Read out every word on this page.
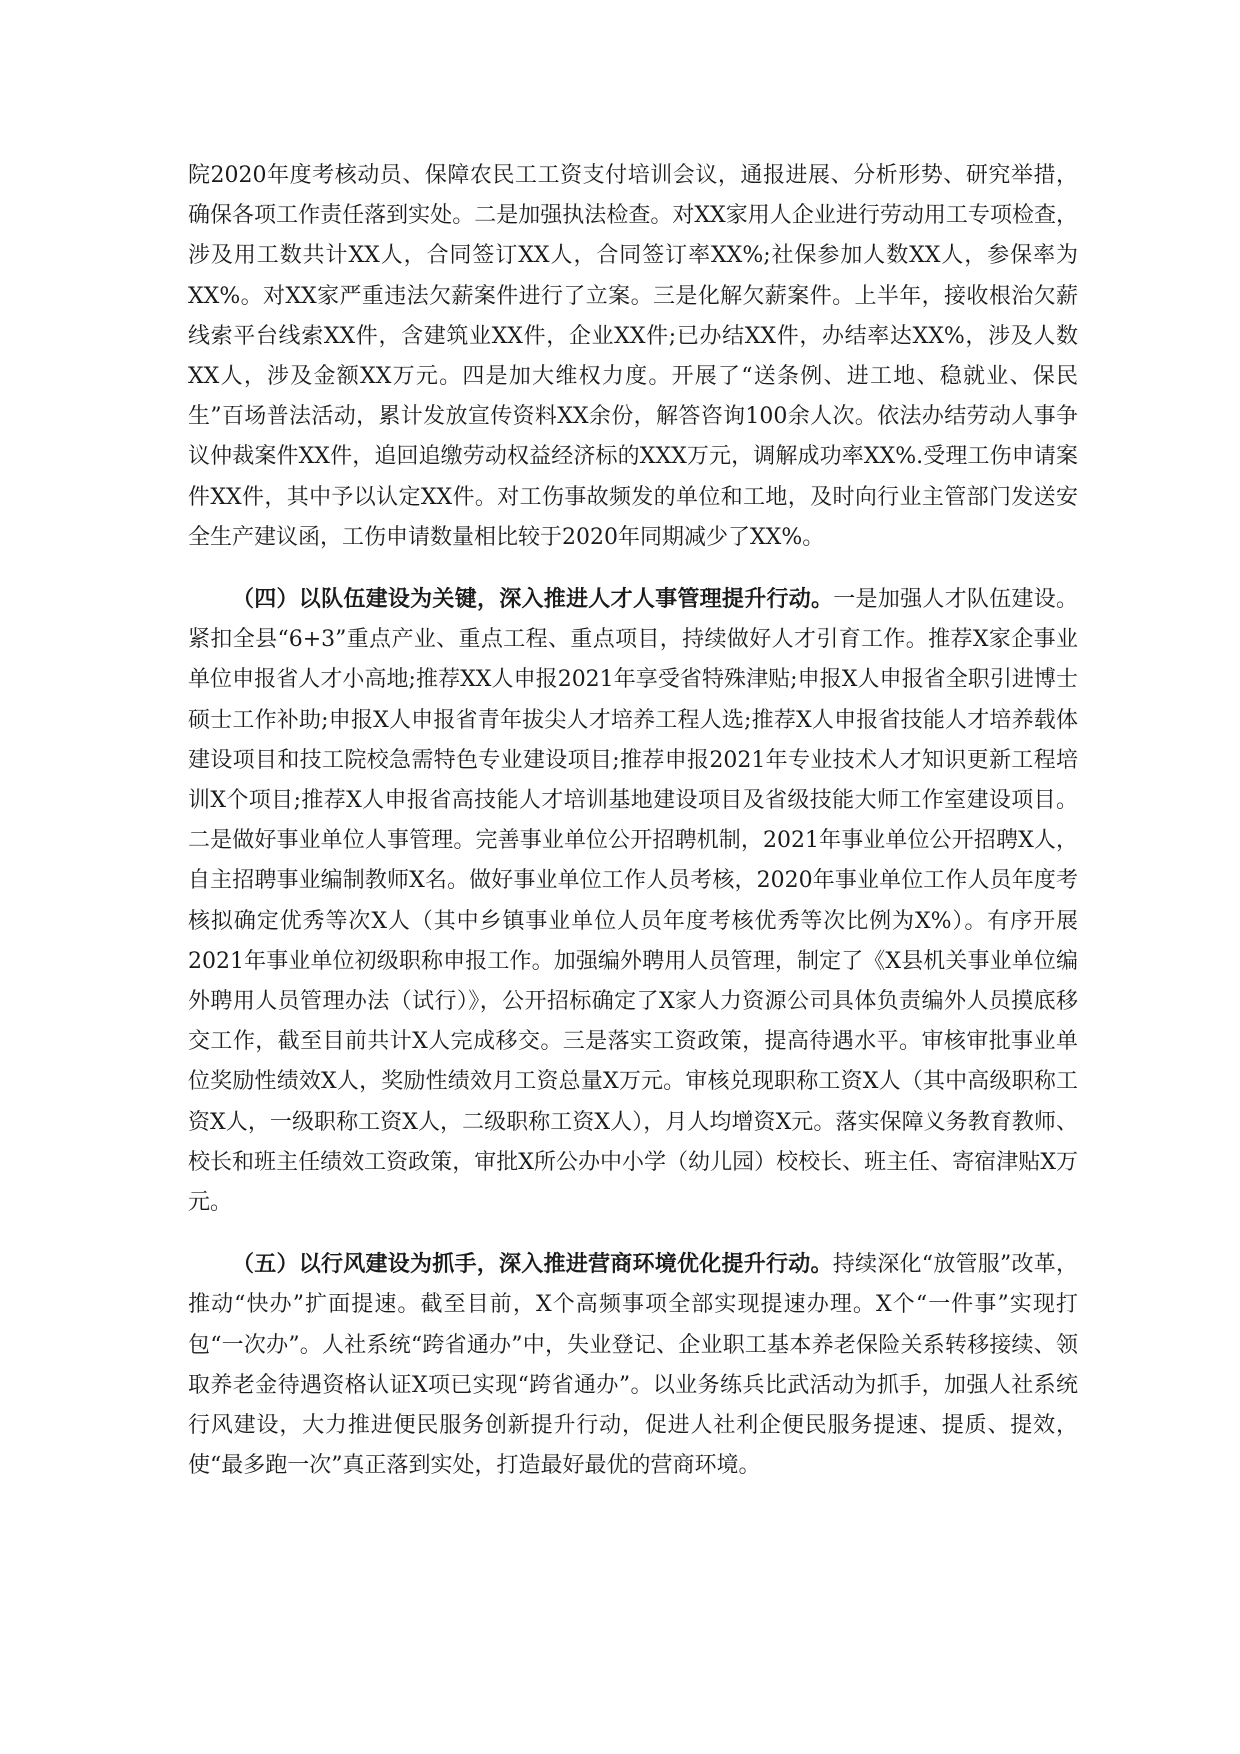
院2020年度考核动员、保障农民工工资支付培训会议，通报进展、分析形势、研究举措，确保各项工作责任落到实处。二是加强执法检查。对XX家用人企业进行劳动用工专项检查，涉及用工数共计XX人，合同签订XX人，合同签订率XX%;社保参加人数XX人，参保率为XX%。对XX家严重违法欠薪案件进行了立案。三是化解欠薪案件。上半年，接收根治欠薪线索平台线索XX件，含建筑业XX件，企业XX件;已办结XX件，办结率达XX%，涉及人数XX人，涉及金额XX万元。四是加大维权力度。开展了“送条例、进工地、稳就业、保民生”百场普法活动，累计发放宣传资料XX余份，解答咨询100余人次。依法办结劳动人事争议仲裁案件XX件，追回追缴劳动权益经济标的XXX万元，调解成功率XX%.受理工伤申请案件XX件，其中予以认定XX件。对工伤事故频发的单位和工地，及时向行业主管部门发送安全生产建议函，工伤申请数量相比较于2020年同期减少了XX%。

（四）以队伍建设为关键，深入推进人才人事管理提升行动。一是加强人才队伍建设。紧扣全县“6+3”重点产业、重点工程、重点项目，持续做好人才引育工作。推荐X家企事业单位申报省人才小高地;推荐XX人申报2021年享受省特殊津贴;申报X人申报省全职引进博士硕士工作补助;申报X人申报省青年拔尖人才培养工程人选;推荐X人申报省技能人才培养载体建设项目和技工院校急需特色专业建设项目;推荐申报2021年专业技术人才知识更新工程培训X个项目;推荐X人申报省高技能人才培训基地建设项目及省级技能大师工作室建设项目。二是做好事业单位人事管理。完善事业单位公开招聘机制，2021年事业单位公开招聘X人，自主招聘事业编制教师X名。做好事业单位工作人员考核，2020年事业单位工作人员年度考核拟确定优秀等次X人（其中乡镇事业单位人员年度考核优秀等次比例为X%）。有序开展2021年事业单位初级职称申报工作。加强编外聘用人员管理，制定了《X县机关事业单位编外聘用人员管理办法（试行）》，公开招标确定了X家人力资源公司具体负责编外人员摸底移交工作，截至目前共计X人完成移交。三是落实工资政策，提高待遇水平。审核审批事业单位奖励性绩效X人，奖励性绩效月工资总量X万元。审核兑现职称工资X人（其中高级职称工资X人，一级职称工资X人，二级职称工资X人），月人均增资X元。落实保障义务教育教师、校长和班主任绩效工资政策，审批X所公办中小学（幼儿园）校校长、班主任、寄宿津贴X万元。

（五）以行风建设为抓手，深入推进营商环境优化提升行动。持续深化“放管服”改革，推动“快办”扩面提速。截至目前，X个高频事项全部实现提速办理。X个“一件事”实现打包“一次办”。人社系统“跨省通办”中，失业登记、企业职工基本养老保险关系转移接续、领取养老金待遇资格认证X项已实现“跨省通办”。以业务练兵比武活动为抓手，加强人社系统行风建设，大力推进便民服务创新提升行动，促进人社利企便民服务提速、提质、提效，使“最多跑一次”真正落到实处，打造最好最优的营商环境。
